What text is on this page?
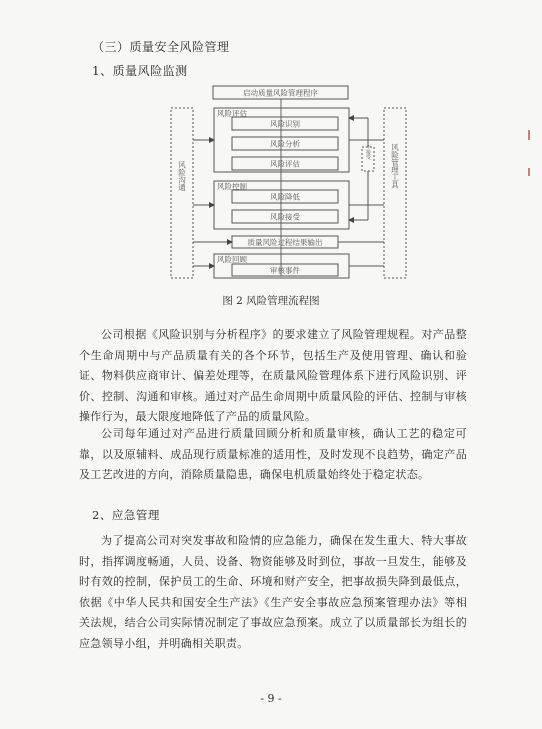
（三）质量安全风险管理
1、质量风险监测
启动质量风险管理程序
风险评估
风险识别
风险分析
风险评估
风险控制
风险降低
风险接受
质量风险过程结果输出
风险回顾
审核事件
风险沟通	风险管理工具
不接受
图 2 风险管理流程图
公司根据《风险识别与分析程序》的要求建立了风险管理规程。对产品整个生命周期中与产品质量有关的各个环节，包括生产及使用管理、确认和验证、物料供应商审计、偏差处理等，在质量风险管理体系下进行风险识别、评价、控制、沟通和审核。通过对产品生命周期中质量风险的评估、控制与审核操作行为，最大限度地降低了产品的质量风险。
公司每年通过对产品进行质量回顾分析和质量审核，确认工艺的稳定可靠，以及原辅料、成品现行质量标准的适用性，及时发现不良趋势，确定产品及工艺改进的方向，消除质量隐患，确保电机质量始终处于稳定状态。
2、应急管理
为了提高公司对突发事故和险情的应急能力，确保在发生重大、特大事故时，指挥调度畅通，人员、设备、物资能够及时到位，事故一旦发生，能够及时有效的控制，保护员工的生命、环境和财产安全，把事故损失降到最低点，依据《中华人民共和国安全生产法》《生产安全事故应急预案管理办法》等相关法规，结合公司实际情况制定了事故应急预案。成立了以质量部长为组长的应急领导小组，并明确相关职责。
- 9 -
